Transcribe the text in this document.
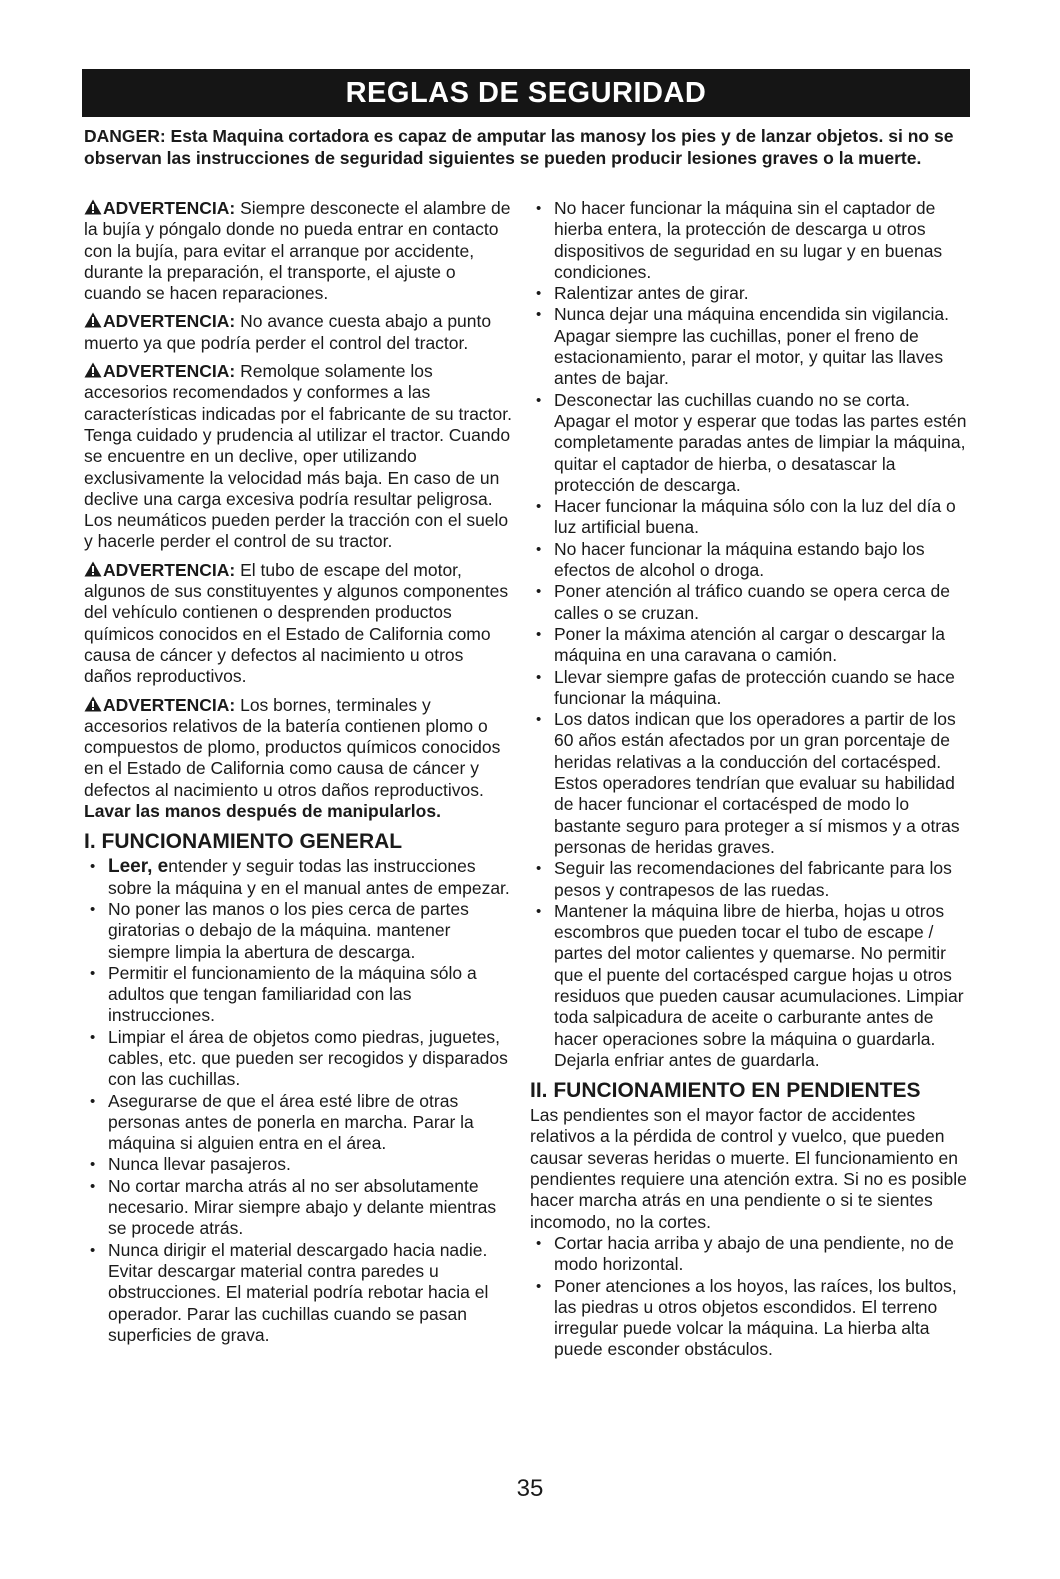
REGLAS DE SEGURIDAD

DANGER: Esta Maquina cortadora es capaz de amputar las manosy los pies y de lanzar objetos. si no se observan las instrucciones de seguridad siguientes se pueden producir lesiones graves o la muerte.

ADVERTENCIA: Siempre desconecte el alambre de la bujía y póngalo donde no pueda entrar en contacto con la bujía, para evitar el arranque por accidente, durante la preparación, el transporte, el ajuste o cuando se hacen reparaciones.

ADVERTENCIA: No avance cuesta abajo a punto muerto ya que podría perder el control del tractor.

ADVERTENCIA: Remolque solamente los accesorios recomendados y conformes a las características indicadas por el fabricante de su tractor. Tenga cuidado y prudencia al utilizar el tractor. Cuando se encuentre en un declive, oper utilizando exclusivamente la velocidad más baja. En caso de un declive una carga excesiva podría resultar peligrosa. Los neumáticos pueden perder la tracción con el suelo y hacerle perder el control de su tractor.

ADVERTENCIA: El tubo de escape del motor, algunos de sus constituyentes y algunos componentes del vehículo contienen o desprenden productos químicos conocidos en el Estado de California como causa de cáncer y defectos al nacimiento u otros daños reproductivos.

ADVERTENCIA: Los bornes, terminales y accesorios relativos de la batería contienen plomo o compuestos de plomo, productos químicos conocidos en el Estado de California como causa de cáncer y defectos al nacimiento u otros daños reproductivos. Lavar las manos después de manipularlos.

I. FUNCIONAMIENTO GENERAL
• Leer, entender y seguir todas las instrucciones sobre la máquina y en el manual antes de empezar.
• No poner las manos o los pies cerca de partes giratorias o debajo de la máquina. mantener siempre limpia la abertura de descarga.
• Permitir el funcionamiento de la máquina sólo a adultos que tengan familiaridad con las instrucciones.
• Limpiar el área de objetos como piedras, juguetes, cables, etc. que pueden ser recogidos y disparados con las cuchillas.
• Asegurarse de que el área esté libre de otras personas antes de ponerla en marcha. Parar la máquina si alguien entra en el área.
• Nunca llevar pasajeros.
• No cortar marcha atrás al no ser absolutamente necesario. Mirar siempre abajo y delante mientras se procede atrás.
• Nunca dirigir el material descargado hacia nadie. Evitar descargar material contra paredes u obstrucciones. El material podría rebotar hacia el operador. Parar las cuchillas cuando se pasan superficies de grava.
• No hacer funcionar la máquina sin el captador de hierba entera, la protección de descarga u otros dispositivos de seguridad en su lugar y en buenas condiciones.
• Ralentizar antes de girar.
• Nunca dejar una máquina encendida sin vigilancia. Apagar siempre las cuchillas, poner el freno de estacionamiento, parar el motor, y quitar las llaves antes de bajar.
• Desconectar las cuchillas cuando no se corta. Apagar el motor y esperar que todas las partes estén completamente paradas antes de limpiar la máquina, quitar el captador de hierba, o desatascar la protección de descarga.
• Hacer funcionar la máquina sólo con la luz del día o luz artificial buena.
• No hacer funcionar la máquina estando bajo los efectos de alcohol o droga.
• Poner atención al tráfico cuando se opera cerca de calles o se cruzan.
• Poner la máxima atención al cargar o descargar la máquina en una caravana o camión.
• Llevar siempre gafas de protección cuando se hace funcionar la máquina.
• Los datos indican que los operadores a partir de los 60 años están afectados por un gran porcentaje de heridas relativas a la conducción del cortacésped. Estos operadores tendrían que evaluar su habilidad de hacer funcionar el cortacésped de modo lo bastante seguro para proteger a sí mismos y a otras personas de heridas graves.
• Seguir las recomendaciones del fabricante para los pesos y contrapesos de las ruedas.
• Mantener la máquina libre de hierba, hojas u otros escombros que pueden tocar el tubo de escape / partes del motor calientes y quemarse. No permitir que el puente del cortacésped cargue hojas u otros residuos que pueden causar acumulaciones. Limpiar toda salpicadura de aceite o carburante antes de hacer operaciones sobre la máquina o guardarla. Dejarla enfriar antes de guardarla.
II. FUNCIONAMIENTO EN PENDIENTES

Las pendientes son el mayor factor de accidentes relativos a la pérdida de control y vuelco, que pueden causar severas heridas o muerte. El funcionamiento en pendientes requiere una atención extra. Si no es posible hacer marcha atrás en una pendiente o si te sientes incomodo, no la cortes.

• Cortar hacia arriba y abajo de una pendiente, no de modo horizontal.
• Poner atenciones a los hoyos, las raíces, los bultos, las piedras u otros objetos escondidos. El terreno irregular puede volcar la máquina. La hierba alta puede esconder obstáculos.
35
